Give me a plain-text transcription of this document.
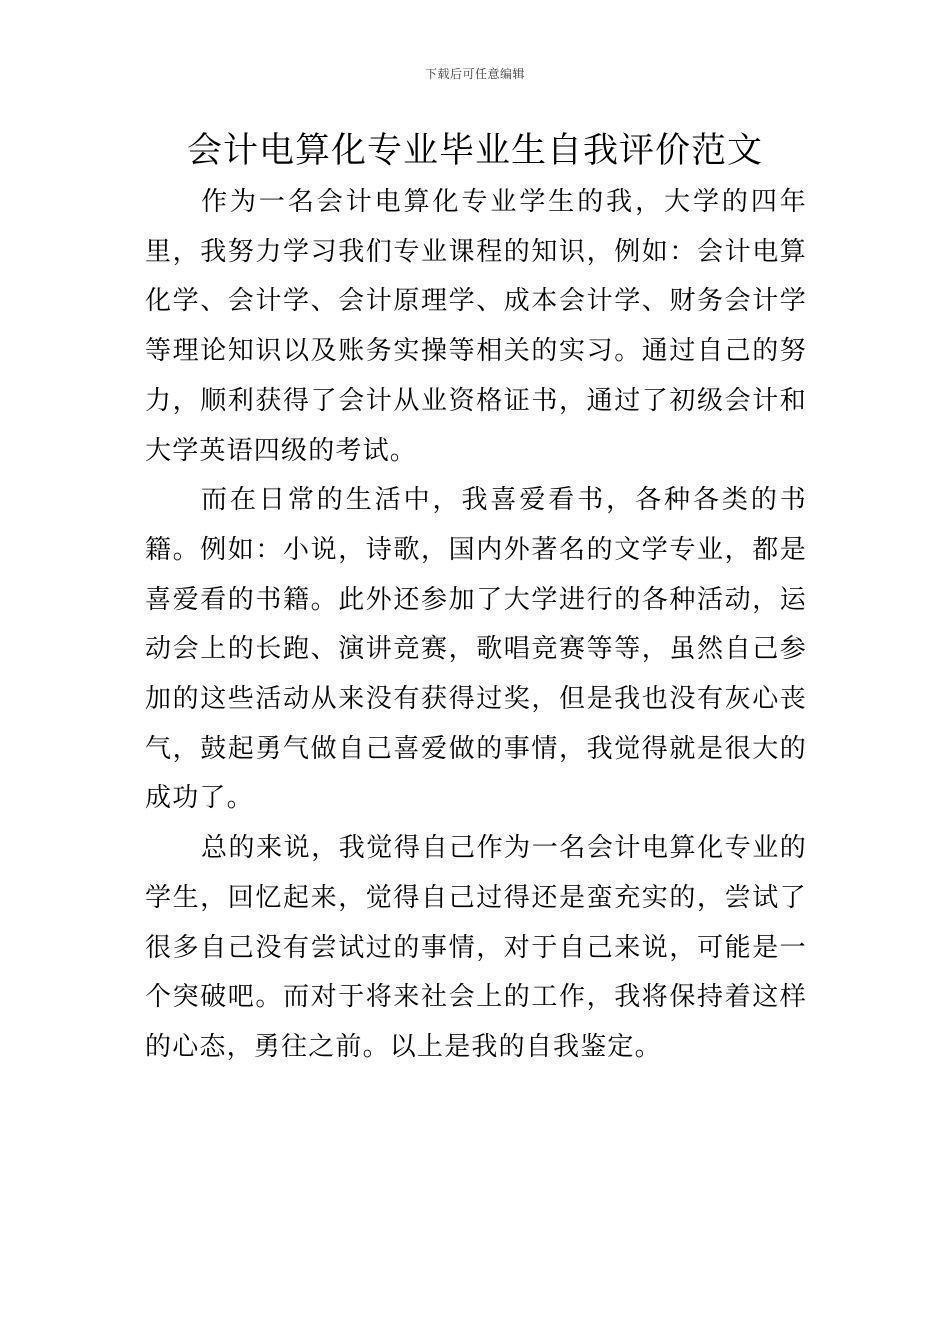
下载后可任意编辑
会计电算化专业毕业生自我评价范文

作为一名会计电算化专业学生的我，大学的四年里，我努力学习我们专业课程的知识，例如：会计电算化学、会计学、会计原理学、成本会计学、财务会计学等理论知识以及账务实操等相关的实习。通过自己的努力，顺利获得了会计从业资格证书，通过了初级会计和大学英语四级的考试。

而在日常的生活中，我喜爱看书，各种各类的书籍。例如：小说，诗歌，国内外著名的文学专业，都是喜爱看的书籍。此外还参加了大学进行的各种活动，运动会上的长跑、演讲竞赛，歌唱竞赛等等，虽然自己参加的这些活动从来没有获得过奖，但是我也没有灰心丧气，鼓起勇气做自己喜爱做的事情，我觉得就是很大的成功了。

总的来说，我觉得自己作为一名会计电算化专业的学生，回忆起来，觉得自己过得还是蛮充实的，尝试了很多自己没有尝试过的事情，对于自己来说，可能是一个突破吧。而对于将来社会上的工作，我将保持着这样的心态，勇往之前。以上是我的自我鉴定。
